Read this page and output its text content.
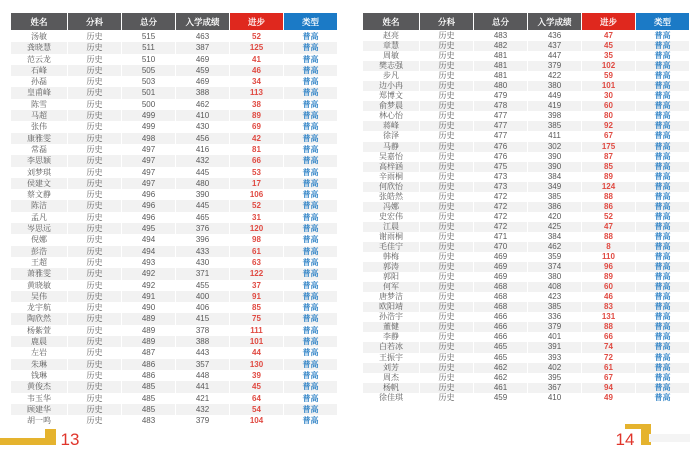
姓名	分科	总分	入学成绩	进步	类型
汤敏	历史	515	463	52	普高
龚晓慧	历史	511	387	125	普高
范云龙	历史	510	469	41	普高
石峰	历史	505	459	46	普高
孙磊	历史	503	469	34	普高
皇甫峰	历史	501	388	113	普高
陈雪	历史	500	462	38	普高
马超	历史	499	410	89	普高
张伟	历史	499	430	69	普高
康雅雯	历史	498	456	42	普高
常磊	历史	497	416	81	普高
李思颖	历史	497	432	66	普高
刘梦琪	历史	497	445	53	普高
侯建文	历史	497	480	17	普高
蔡文静	历史	496	390	106	普高
陈洁	历史	496	445	52	普高
孟凡	历史	496	465	31	普高
岑思远	历史	495	376	120	普高
倪娜	历史	494	396	98	普高
彭浩	历史	494	433	61	普高
王超	历史	493	430	63	普高
萧雅雯	历史	492	371	122	普高
黄晓敏	历史	492	455	37	普高
吴伟	历史	491	400	91	普高
龙宇航	历史	490	406	85	普高
陶欣然	历史	489	415	75	普高
杨紫萱	历史	489	378	111	普高
鹿晨	历史	489	388	101	普高
左岩	历史	487	443	44	普高
朱琳	历史	486	357	130	普高
钱琳	历史	486	448	39	普高
黄俊杰	历史	485	441	45	普高
韦玉华	历史	485	421	64	普高
顾建华	历史	485	432	54	普高
胡一鸣	历史	483	379	104	普高
姓名	分科	总分	入学成绩	进步	类型
赵亮	历史	483	436	47	普高
章慧	历史	482	437	45	普高
周敏	历史	481	447	35	普高
樊志强	历史	481	379	102	普高
步凡	历史	481	422	59	普高
边小冉	历史	480	380	101	普高
郑博文	历史	479	449	30	普高
俞梦晨	历史	478	419	60	普高
林心怡	历史	477	398	80	普高
蒋峰	历史	477	385	92	普高
徐泽	历史	477	411	67	普高
马静	历史	476	302	175	普高
吴嘉怡	历史	476	390	87	普高
高梓涵	历史	475	390	85	普高
辛雨桐	历史	473	384	89	普高
何欣怡	历史	473	349	124	普高
张皓然	历史	472	385	88	普高
冯娜	历史	472	386	86	普高
史宏伟	历史	472	420	52	普高
江晨	历史	472	425	47	普高
谢雨桐	历史	471	384	88	普高
毛佳宁	历史	470	462	8	普高
韩梅	历史	469	359	110	普高
郭涛	历史	469	374	96	普高
郭阳	历史	469	380	89	普高
何军	历史	468	408	60	普高
唐梦洁	历史	468	423	46	普高
欧阳靖	历史	468	385	83	普高
孙浩宇	历史	466	336	131	普高
董健	历史	466	379	88	普高
李静	历史	466	401	66	普高
白若冰	历史	465	391	74	普高
王振宇	历史	465	393	72	普高
刘芳	历史	462	402	61	普高
周杰	历史	462	395	67	普高
杨帆	历史	461	367	94	普高
徐佳琪	历史	459	410	49	普高
13	14
